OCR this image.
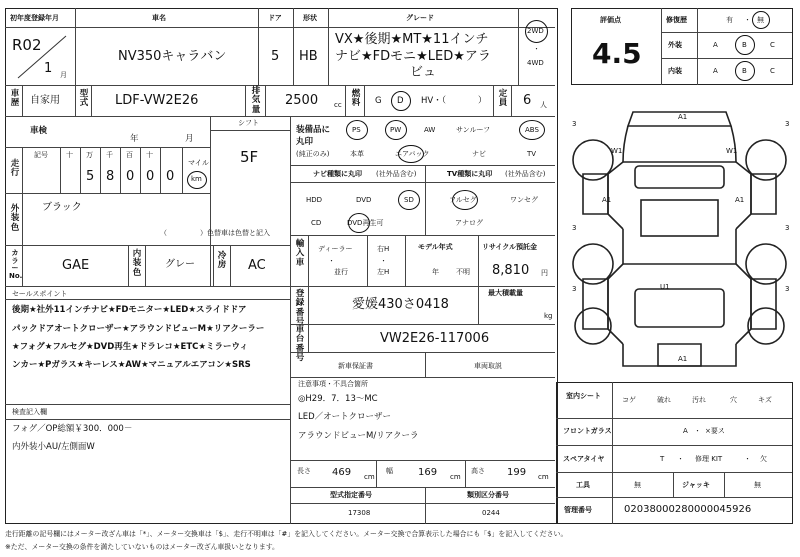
初年度登録年月	車名	ドア	形状	グレード
R02
1 月
NV350キャラバン	5 HB
VX★後期★MT★11インチ
ナビ★FDモニ★LED★アラ
ビュ
2WD
・
4WD
車歴 自家用
型式 LDF-VW2E26
排気量
2500 cc
燃料 G D HV・（	）
定員 6 人
車検
年	月
シフト
5F
走行
記号	十 万 千 百 十
5 8 0 0 0
マイル
km
外装色
ブラック
（	）色替車は色替と記入
カラーNo.
GAE
内装色
グレー
冷房 AC
装備品に
丸印
(純正のみ)
PS	PW	AW	サンルーフ	ABS
本革	エアバック	ナビ	TV
ナビ種類に丸印 (社外品含む)	TV種類に丸印 (社外品含む)
HDD	DVD	SD
CD	DVD再生可
フルセグ	ワンセグ
アナログ
輸入車
ディーラー
・
並行
右H
・
左H
モデル年式
年 不明
リサイクル預託金
8,810 円
セールスポイント
後期★社外11インチナビ★FDモニター★LED★スライドドア
パックドアオートクローザー★アラウンドビューM★リアクーラー
★フォグ★フルセグ★DVD再生★ドラレコ★ETC★ミラーウィ
ンカー★Pガラス★キーレス★AW★マニュアルエアコン★SRS
登録番号
愛媛430さ0418
最大積載量
kg
車台番号
VW2E26-117006
新車保証書	車両取説
検査記入欄
フォグ／OP総額￥300．000－
内外装小AU/左側面W
注意事項・不具合箇所
◎H29．7．13～MC
LED／オートクローザー
アラウンドビューM/リアクーラ
長さ 469 cm
幅	169 cm
高さ 199 cm
型式指定番号	類別区分番号
17308	0244
評価点
4.5
修復歴	有 ・ 無
外装	A	B	C
内装	A	B	C
A1
W1	W1
A1	A1
U1
A1
3	3
3	3
3	3
室内シート	コゲ	破れ	汚れ	穴	キズ
フロントガラス	A ・ ×要ス
スペアタイヤ	T ・ 修理 KIT	・ 欠
工具	無	ジャッキ	無
管理番号	02038000280000045926
走行距離の記号欄にはメーター改ざん車は「*」、メーター交換車は「$」、走行不明車は「#」を記入してください。メーター交換で合算表示した場合にも「$」を記入してください。
※ただ、メーター交換の条件を満たしていないものはメーター改ざん車扱いとなります。
